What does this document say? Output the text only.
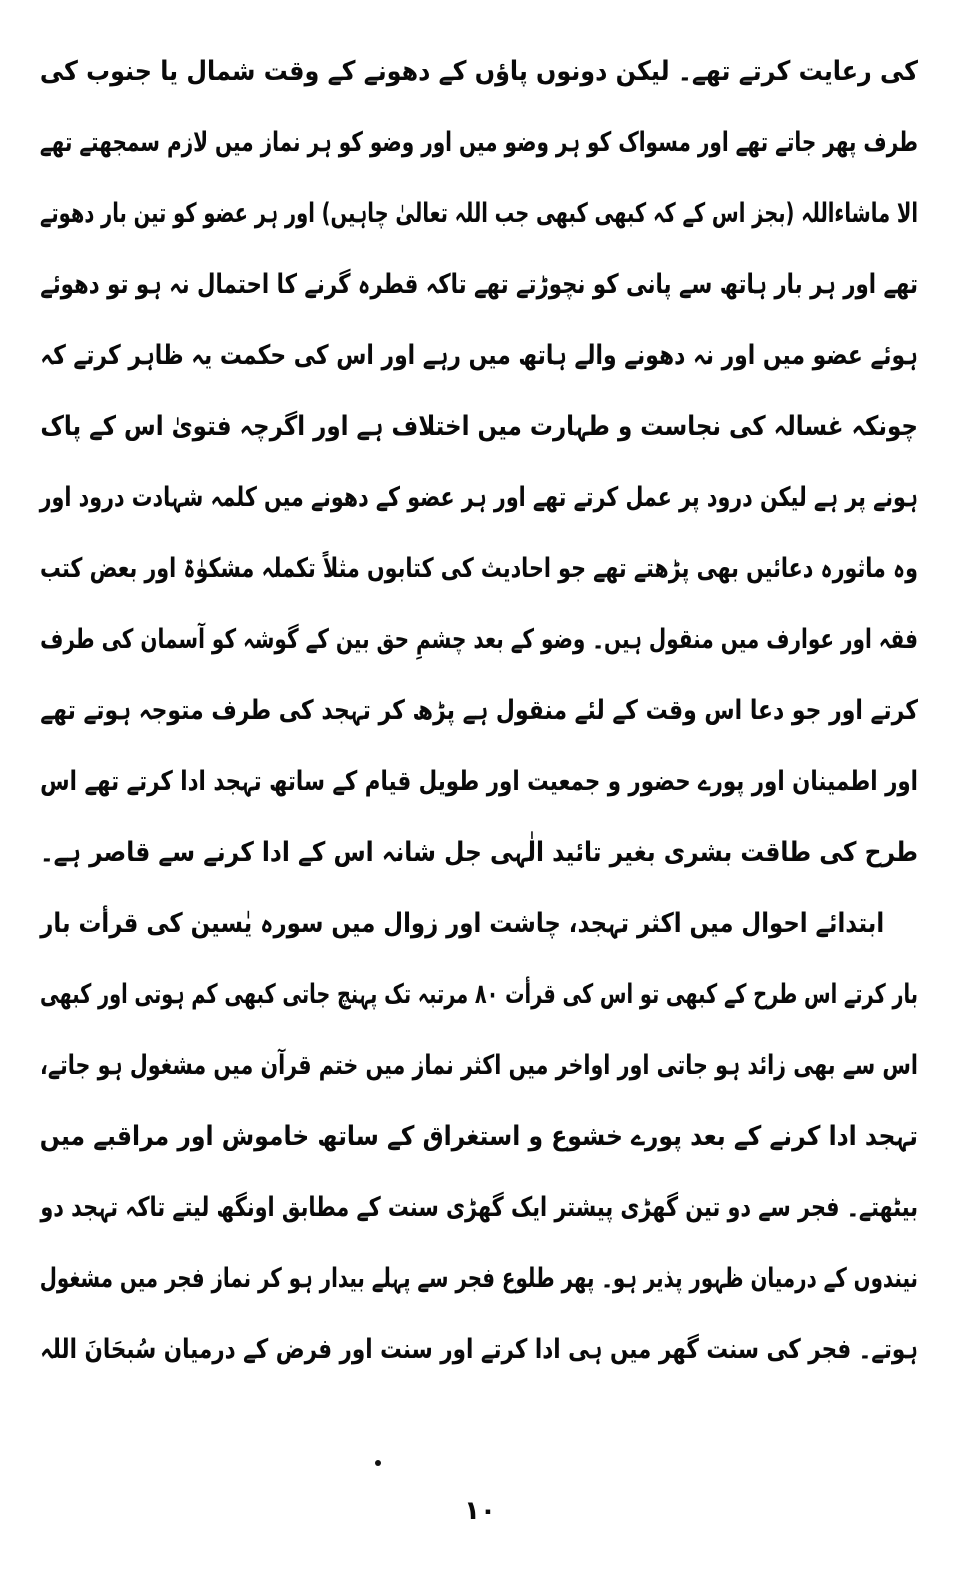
کی رعایت کرتے تھے۔ لیکن دونوں پاؤں کے دھونے کے وقت شمال یا جنوب کی
طرف پھر جاتے تھے اور مسواک کو ہر وضو میں اور وضو کو ہر نماز میں لازم سمجھتے تھے
الا ماشاءاللہ (بجز اس کے کہ کبھی کبھی جب اللہ تعالیٰ چاہیں) اور ہر عضو کو تین بار دھوتے
تھے اور ہر بار ہاتھ سے پانی کو نچوڑتے تھے تاکہ قطرہ گرنے کا احتمال نہ ہو تو دھوئے
ہوئے عضو میں اور نہ دھونے والے ہاتھ میں رہے اور اس کی حکمت یہ ظاہر کرتے کہ
چونکہ غسالہ کی نجاست و طہارت میں اختلاف ہے اور اگرچہ فتویٰ اس کے پاک
ہونے پر ہے لیکن درود پر عمل کرتے تھے اور ہر عضو کے دھونے میں کلمہ شہادت درود اور
وہ ماثورہ دعائیں بھی پڑھتے تھے جو احادیث کی کتابوں مثلاً تکملہ مشکوٰۃ اور بعض کتب
فقہ اور عوارف میں منقول ہیں۔ وضو کے بعد چشمِ حق بین کے گوشہ کو آسمان کی طرف
کرتے اور جو دعا اس وقت کے لئے منقول ہے پڑھ کر تہجد کی طرف متوجہ ہوتے تھے
اور اطمینان اور پورے حضور و جمعیت اور طویل قیام کے ساتھ تہجد ادا کرتے تھے اس
طرح کی طاقت بشری بغیر تائید الٰہی جل شانہ اس کے ادا کرنے سے قاصر ہے۔
ابتدائے احوال میں اکثر تہجد، چاشت اور زوال میں سورہ یٰسین کی قرأت بار
بار کرتے اس طرح کے کبھی تو اس کی قرأت ۸۰ مرتبہ تک پہنچ جاتی کبھی کم ہوتی اور کبھی
اس سے بھی زائد ہو جاتی اور اواخر میں اکثر نماز میں ختم قرآن میں مشغول ہو جاتے،
تہجد ادا کرنے کے بعد پورے خشوع و استغراق کے ساتھ خاموش اور مراقبے میں
بیٹھتے۔ فجر سے دو تین گھڑی پیشتر ایک گھڑی سنت کے مطابق اونگھ لیتے تاکہ تہجد دو
نیندوں کے درمیان ظہور پذیر ہو۔ پھر طلوع فجر سے پہلے بیدار ہو کر نماز فجر میں مشغول
ہوتے۔ فجر کی سنت گھر میں ہی ادا کرتے اور سنت اور فرض کے درمیان سُبحَانَ اللہ
۱۰
